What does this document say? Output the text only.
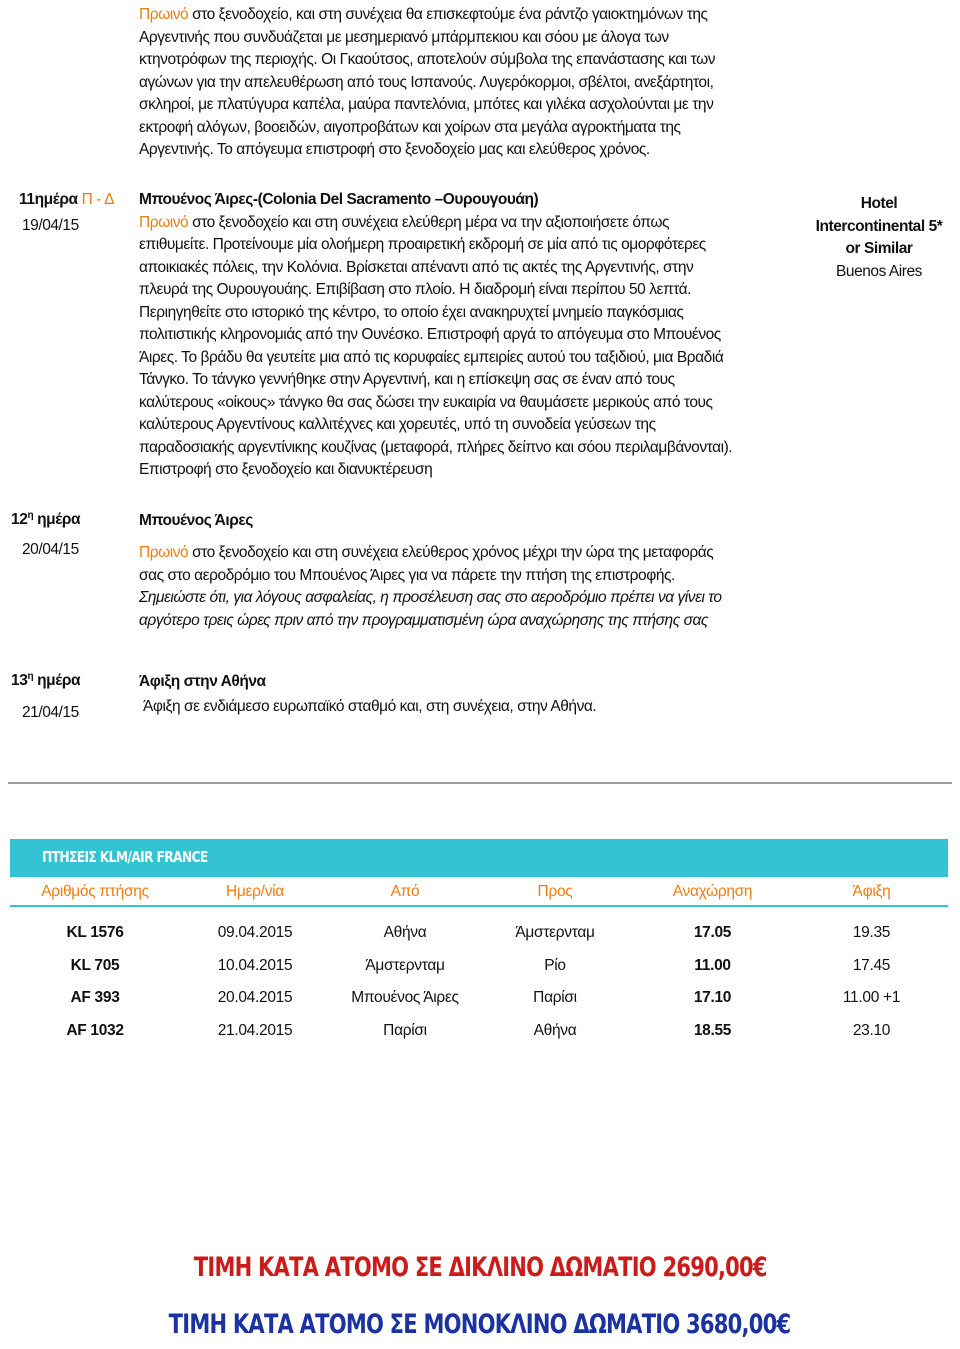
Πρωινό στο ξενοδοχείο, και στη συνέχεια θα επισκεφτούμε ένα ράντζο γαιοκτημόνων της
Αργεντινής που συνδυάζεται με μεσημεριανό μπάρμπεκιου και σόου με άλογα των
κτηνοτρόφων της περιοχής. Οι Γκαούτσος, αποτελούν σύμβολα της επανάστασης και των
αγώνων για την απελευθέρωση από τους Ισπανούς. Λυγερόκορμοι, σβέλτοι, ανεξάρτητοι,
σκληροί, με πλατύγυρα καπέλα, μαύρα παντελόνια, μπότες και γιλέκα ασχολούνται με την
εκτροφή αλόγων, βοοειδών, αιγοπροβάτων και χοίρων στα μεγάλα αγροκτήματα της
Αργεντινής. Το απόγευμα επιστροφή στο ξενοδοχείο μας και ελεύθερος χρόνος.
11ημέρα Π - Δ
19/04/15
Μπουένος Άιρες-(Colonia Del Sacramento –Ουρουγουάη)
Πρωινό στο ξενοδοχείο και στη συνέχεια ελεύθερη μέρα να την αξιοποιήσετε όπως
επιθυμείτε. Προτείνουμε μία ολοήμερη προαιρετική εκδρομή σε μία από τις ομορφότερες
αποικιακές πόλεις, την Κολόνια. Βρίσκεται απέναντι από τις ακτές της Αργεντινής, στην
πλευρά της Ουρουγουάης. Επιβίβαση στο πλοίο. Η διαδρομή είναι περίπου 50 λεπτά.
Περιηγηθείτε στο ιστορικό της κέντρο, το οποίο έχει ανακηρυχτεί μνημείο παγκόσμιας
πολιτιστικής κληρονομιάς από την Ουνέσκο. Επιστροφή αργά το απόγευμα στο Μπουένος
Άιρες. Το βράδυ θα γευτείτε μια από τις κορυφαίες εμπειρίες αυτού του ταξιδιού, μια Βραδιά
Τάνγκο. Το τάνγκο γεννήθηκε στην Αργεντινή, και η επίσκεψη σας σε έναν από τους
καλύτερους «οίκους» τάνγκο θα σας δώσει την ευκαιρία να θαυμάσετε μερικούς από τους
καλύτερους Αργεντίνους καλλιτέχνες και χορευτές, υπό τη συνοδεία γεύσεων της
παραδοσιακής αργεντίνικης κουζίνας (μεταφορά, πλήρες δείπνο και σόου περιλαμβάνονται).
Επιστροφή στο ξενοδοχείο και διανυκτέρευση
Hotel
Intercontinental 5*
or Similar
Buenos Aires
$12^\eta$ ημέρα
20/04/15
Μπουένος Άιρες
Πρωινό στο ξενοδοχείο και στη συνέχεια ελεύθερος χρόνος μέχρι την ώρα της μεταφοράς
σας στο αεροδρόμιο του Μπουένος Άιρες για να πάρετε την πτήση της επιστροφής.
Σημειώστε ότι, για λόγους ασφαλείας, η προσέλευση σας στο αεροδρόμιο πρέπει να γίνει το
αργότερο τρεις ώρες πριν από την προγραμματισμένη ώρα αναχώρησης της πτήσης σας
$13^\eta$ ημέρα
21/04/15
Άφιξη στην Αθήνα
Άφιξη σε ενδιάμεσο ευρωπαϊκό σταθμό και, στη συνέχεια, στην Αθήνα.
ΠΤΗΣΕΙΣ KLM/AIR FRANCE
Αριθμός πτήσης	Ημερ/νία	Από	Προς	Αναχώρηση	Άφιξη

KL 1576	09.04.2015	Αθήνα	Άμστερνταμ	17.05	19.35
KL 705	10.04.2015	Άμστερνταμ	Ρίο	11.00	17.45
AF 393	20.04.2015	Μπουένος Άιρες	Παρίσι	17.10	11.00 +1
AF 1032	21.04.2015	Παρίσι	Αθήνα	18.55	23.10
ΤΙΜΗ ΚΑΤΑ ΑΤΟΜΟ ΣΕ ΔΙΚΛΙΝΟ ΔΩΜΑΤΙΟ 2690,00€
ΤΙΜΗ ΚΑΤΑ ΑΤΟΜΟ ΣΕ ΜΟΝΟΚΛΙΝΟ ΔΩΜΑΤΙΟ 3680,00€
